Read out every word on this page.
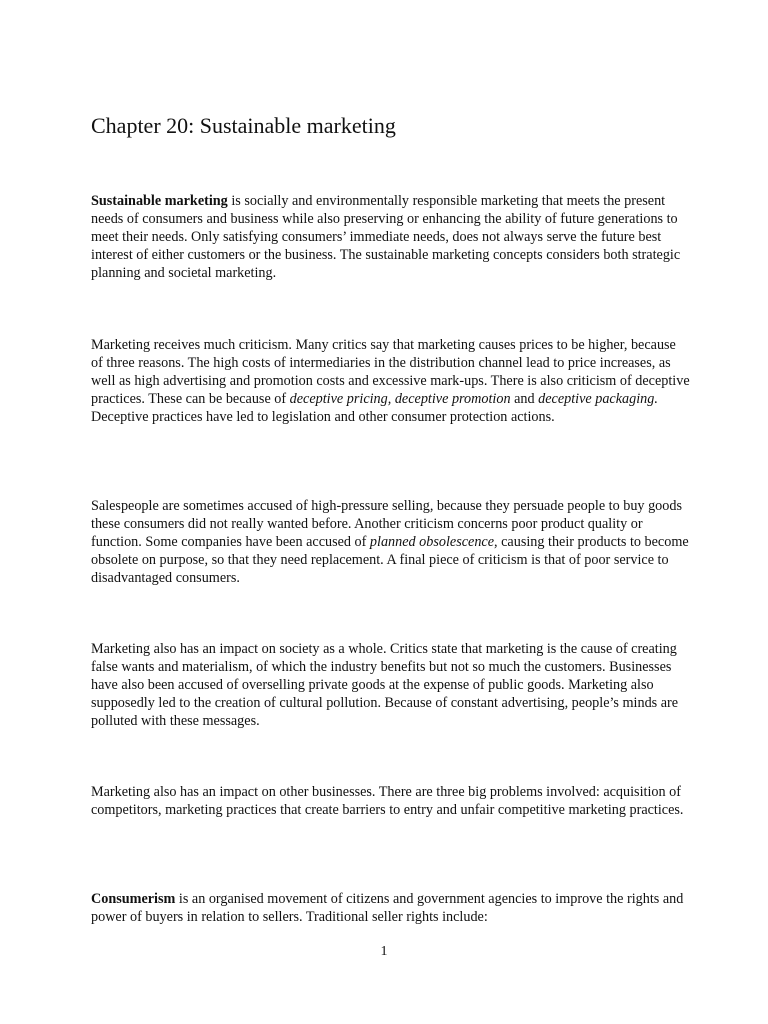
Chapter 20: Sustainable marketing

Sustainable marketing is socially and environmentally responsible marketing that meets the present needs of consumers and business while also preserving or enhancing the ability of future generations to meet their needs. Only satisfying consumers’ immediate needs, does not always serve the future best interest of either customers or the business. The sustainable marketing concepts considers both strategic planning and societal marketing.

Marketing receives much criticism. Many critics say that marketing causes prices to be higher, because of three reasons. The high costs of intermediaries in the distribution channel lead to price increases, as well as high advertising and promotion costs and excessive mark-ups. There is also criticism of deceptive practices. These can be because of deceptive pricing, deceptive promotion and deceptive packaging. Deceptive practices have led to legislation and other consumer protection actions.

Salespeople are sometimes accused of high-pressure selling, because they persuade people to buy goods these consumers did not really wanted before. Another criticism concerns poor product quality or function. Some companies have been accused of planned obsolescence, causing their products to become obsolete on purpose, so that they need replacement. A final piece of criticism is that of poor service to disadvantaged consumers.

Marketing also has an impact on society as a whole. Critics state that marketing is the cause of creating false wants and materialism, of which the industry benefits but not so much the customers. Businesses have also been accused of overselling private goods at the expense of public goods. Marketing also supposedly led to the creation of cultural pollution. Because of constant advertising, people’s minds are polluted with these messages.

Marketing also has an impact on other businesses. There are three big problems involved: acquisition of competitors, marketing practices that create barriers to entry and unfair competitive marketing practices.

Consumerism is an organised movement of citizens and government agencies to improve the rights and power of buyers in relation to sellers. Traditional seller rights include:

1
